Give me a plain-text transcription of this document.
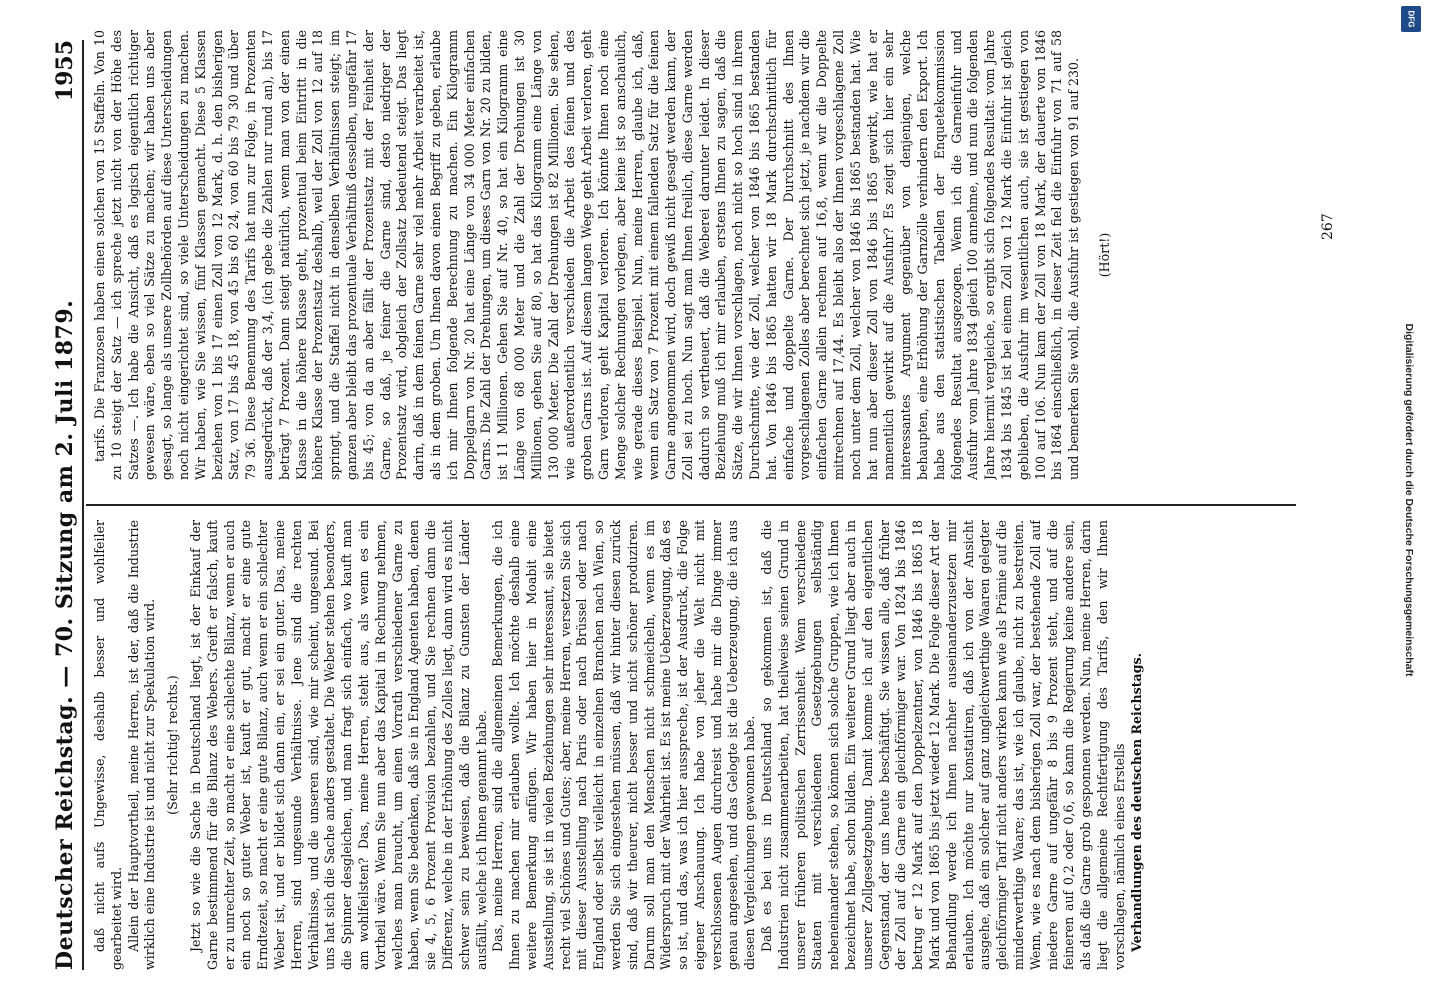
Deutscher Reichstag. — 70. Sitzung am 2. Juli 1879.
1955

daß nicht aufs Ungewisse, deshalb besser und wohlfeiler gearbeitet wird. Allein der Hauptvortheil, meine Herren, ist der, daß die Industrie wirklich eine Industrie ist und nicht zur Spekulation wird. (Sehr richtig! rechts.) Jetzt so wie die Sache in Deutschland liegt, ist der Einkauf der Garne bestimmend für die Bilanz des Webers. Greift er falsch, kauft er zu unrechter Zeit, so macht er eine schlechte Bilanz, wenn er auch ein noch so guter Weber ist, kauft er gut, macht er eine gute Erndtezeit, so macht er eine gute Bilanz, auch wenn er ein schlechter Weber ist, und er bildet sich dann ein, er sei ein guter. Das, meine Herren, sind ungesunde Verhältnisse. Jene sind die rechten Verhältnisse, und die unseren sind, wie mir scheint, ungesund. Bei uns hat sich die Sache anders gestaltet. Die Weber stehen besonders, die Spinner desgleichen, und man fragt sich einfach, wo kauft man am wohlfeilsten? Das, meine Herren, steht aus, als wenn es ein Vortheil wäre. Wenn Sie nun aber das Kapital in Rechnung nehmen, welches man braucht, um einen Vorrath verschiedener Garne zu haben, wenn Sie bedenken, daß sie in England Agenten haben, denen sie 4, 5, 6 Prozent Provision bezahlen, und Sie rechnen dann die Differenz, welche in der Erhöhung des Zolles liegt, dann wird es nicht schwer sein zu beweisen, daß die Bilanz zu Gunsten der Länder ausfällt, welche ich Ihnen genannt habe. Das, meine Herren, sind die allgemeinen Bemerkungen, die ich Ihnen zu machen mir erlauben wollte. Ich möchte deshalb eine weitere Bemerkung anfügen. Wir haben hier in Moabit eine Ausstellung, sie ist in vielen Beziehungen sehr interessant, sie bietet recht viel Schönes und Gutes; aber, meine Herren, versetzen Sie sich mit dieser Ausstellung nach Paris oder nach Brüssel oder nach England oder selbst vielleicht in einzelnen Branchen nach Wien, so werden Sie sich eingestehen müssen, daß wir hinter diesen zurück sind, daß wir theurer, nicht besser und nicht schöner produziren. Darum soll man den Menschen nicht schmeicheln, wenn es im Widerspruch mit der Wahrheit ist. Es ist meine Ueberzeugung, daß es so ist, und das, was ich hier ausspreche, ist der Ausdruck, die Folge eigener Anschauung. Ich habe von jeher die Welt nicht mit verschlossenen Augen durchreist und habe mir die Dinge immer genau angesehen, und das Gelogte ist die Ueberzeugung, die ich aus diesen Vergleichungen gewonnen habe. Daß es bei uns in Deutschland so gekommen ist, daß die Industrien nicht zusammenarbeiten, hat theilweise seinen Grund in unserer früheren politischen Zerrissenheit. Wenn verschiedene Staaten mit verschiedenen Gesetzgebungen selbständig nebeneinander stehen, so können sich solche Gruppen, wie ich Ihnen bezeichnet habe, schon bilden. Ein weiterer Grund liegt aber auch in unserer Zollgesetzgebung. Damit komme ich auf den eigentlichen Gegenstand, der uns heute beschäftigt. Sie wissen alle, daß früher der Zoll auf die Garne ein gleichförmiger war. Von 1824 bis 1846 betrug er 12 Mark auf den Doppelzentner, von 1846 bis 1865 18 Mark und von 1865 bis jetzt wieder 12 Mark. Die Folge dieser Art der Behandlung werde ich Ihnen nachher auseinanderzusetzen mir erlauben. Ich möchte nur konstatiren, daß ich von der Ansicht ausgehe, daß ein solcher auf ganz ungleichwerthige Waaren gelegter gleichförmiger Tarif nicht anders wirken kann wie als Prämie auf die minderwerthige Waare; das ist, wie ich glaube, nicht zu bestreiten. Wenn, wie es nach dem bisherigen Zoll war, der bestehende Zoll auf niedere Garne auf ungefähr 8 bis 9 Prozent steht, und auf die feineren auf 0,2 oder 0,6, so kann die Regierung keine andere sein, als daß die Garne grob gesponnen werden. Nun, meine Herren, darin liegt die allgemeine Rechtfertigung des Tarifs, den wir Ihnen vorschlagen, nämlich eines Erstells Verhandlungen des deutschen Reichstags.

tarifs. Die Franzosen haben einen solchen von 15 Staffeln. Von 10 zu 10 steigt der Satz — ich spreche jetzt nicht von der Höhe des Satzes —. Ich habe die Ansicht, daß es logisch eigentlich richtiger gewesen wäre, eben so viel Sätze zu machen; wir haben uns aber gesagt, so lange als unsere Zollbehörden auf diese Unterscheidungen noch nicht eingerichtet sind, so viele Unterscheidungen zu machen. Wir haben, wie Sie wissen, fünf Klassen gemacht. Diese 5 Klassen beziehen von 1 bis 17 einen Zoll von 12 Mark, d. h. den bisherigen Satz, von 17 bis 45 18, von 45 bis 60 24, von 60 bis 79 30 und über 79 36. Diese Benennung des Tarifs hat nun zur Folge, in Prozenten ausgedrückt, daß der 3,4, (ich gebe die Zahlen nur rund an), bis 17 beträgt 7 Prozent. Dann steigt natürlich, wenn man von der einen Klasse in die höhere Klasse geht, prozentual beim Eintritt in die höhere Klasse der Prozentsatz deshalb, weil der Zoll von 12 auf 18 springt, und die Staffel nicht in denselben Verhältnissen steigt; im ganzen aber bleibt das prozentuale Verhältniß desselben, ungefähr 17 bis 45; von da an aber fällt der Prozentsatz mit der Feinheit der Garne, so daß, je feiner die Garne sind, desto niedriger der Prozentsatz wird, obgleich der Zollsatz bedeutend steigt. Das liegt darin, daß in dem feinen Garne sehr viel mehr Arbeit verarbeitet ist, als in dem groben. Um Ihnen davon einen Begriff zu geben, erlaube ich mir Ihnen folgende Berechnung zu machen. Ein Kilogramm Doppelgarn von Nr. 20 hat eine Länge von 34 000 Meter einfachen Garns. Die Zahl der Drehungen, um dieses Garn von Nr. 20 zu bilden, ist 11 Millionen. Gehen Sie auf Nr. 40, so hat ein Kilogramm eine Länge von 68 000 Meter und die Zahl der Drehungen ist 30 Millionen, gehen Sie auf 80, so hat das Kilogramm eine Länge von 130 000 Meter. Die Zahl der Drehungen ist 82 Millionen. Sie sehen, wie außerordentlich verschieden die Arbeit des feinen und des groben Garns ist. Auf diesem langen Wege geht Arbeit verloren, geht Garn verloren, geht Kapital verloren. Ich könnte Ihnen noch eine Menge solcher Rechnungen vorlegen, aber keine ist so anschaulich, wie gerade dieses Beispiel. Nun, meine Herren, glaube ich, daß, wenn ein Satz von 7 Prozent mit einem fallenden Satz für die feinen Garne angenommen wird, doch gewiß nicht gesagt werden kann, der Zoll sei zu hoch. Nun sagt man Ihnen freilich, diese Garne werden dadurch so vertheuert, daß die Weberei darunter leidet. In dieser Beziehung muß ich mir erlauben, erstens Ihnen zu sagen, daß die Sätze, die wir Ihnen vorschlagen, noch nicht so hoch sind in ihrem Durchschnitte, wie der Zoll, welcher von 1846 bis 1865 bestanden hat. Von 1846 bis 1865 hatten wir 18 Mark durchschnittlich für einfache und doppelte Garne. Der Durchschnitt des Ihnen vorgeschlagenen Zolles aber berechnet sich jetzt, je nachdem wir die einfachen Garne allein rechnen auf 16,8, wenn wir die Doppelte mitrechnen auf 17,44. Es bleibt also der Ihnen vorgeschlagene Zoll noch unter dem Zoll, welcher von 1846 bis 1865 bestanden hat. Wie hat nun aber dieser Zoll von 1846 bis 1865 gewirkt, wie hat er namentlich gewirkt auf die Ausfuhr? Es zeigt sich hier ein sehr interessantes Argument gegenüber von denjenigen, welche behaupten, eine Erhöhung der Garnzölle verhindern den Export. Ich habe aus den statistischen Tabellen der Enquetekommission folgendes Resultat ausgezogen. Wenn ich die Garneinfuhr und Ausfuhr vom Jahre 1834 gleich 100 annehme, und nun die folgenden Jahre hiermit vergleiche, so ergibt sich folgendes Resultat: vom Jahre 1834 bis 1845 ist bei einem Zoll von 12 Mark die Einfuhr ist gleich geblieben, die Ausfuhr im wesentlichen auch, sie ist gestiegen von 100 auf 106. Nun kam der Zoll von 18 Mark, der dauerte von 1846 bis 1864 einschließlich, in dieser Zeit fiel die Einfuhr von 71 auf 58 und bemerken Sie wohl, die Ausfuhr ist gestiegen von 91 auf 230. (Hört!)

267
Digitalisierung gefördert durch die Deutsche Forschungsgemeinschaft
DFG
